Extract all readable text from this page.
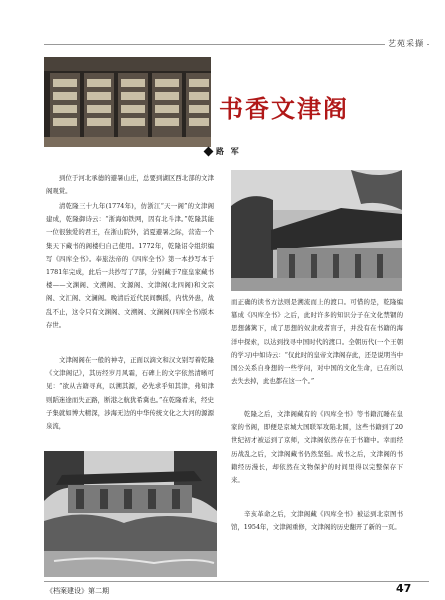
艺苑采撷
书香文津阁
路 军

到位于河北承德的避暑山庄，总要到湖区西北部的文津阁观赏。

清乾隆三十九年(1774年)，仿浙江“天一阁”的文津阁建成，乾隆御诗云：“浙海如铁网，因有北斗津。”乾隆其能一位很独爱的君王，在浙山院外，消夏避暑之际，营造一个集天下藏书的阁楼归自己使用。1772年，乾隆诏令组织编写《四库全书》。奉旅法帝的《四库全书》第一本抄写本于1781年完成，此后一共抄写了7部，分别藏于7座皇家藏书楼——文渊阁、文溯阁、文源阁、文津阁(北四阁)和文宗阁、文汇阁、文澜阁。晚清后近代民间飘摇，内忧外患，战乱不止，这令只有文渊阁、文溯阁、文澜阁(四库全书)版本存世。

文津阁阁在一般的神寺，正面以滴文和汉文别写着乾隆《文津阁记》，其历经岁月风霜，石碑上的文字依然清晰可见：“欲从古籍寻真，以溯其源，必先求乎知其津，弗知津则蹈迷途而失正路，断港之航犹希冀也。”在乾隆看来，经史子集就如博大精深，涉海无边的中华传统文化之大河的源源泉流，

而正确的读书方法则是溯流而上的渡口。可惜的是，乾隆编纂成《四库全书》之后，此时许多的知识分子在文化禁锢的思想藩篱下，成了思想的奴隶或者盲子，并没有在书籍的海洋中探索，以达到找寻中国时代的渡口。全朝历代(一个王朝的学习)中如诗云：“仅此时的皇帝文津阁存此，还是说明当中国公关系自身想的一些学问，对中国的文化生命，已在所以去失去掉，此也都在这一个。”

乾隆之后，文津阁藏有的《四库全书》等书籍沉睡在皇家的书阁，即便是京城大国联军攻陷北圆，这些书籍到了20世纪初才被运到了京师，文津阁依然存在于书籍中。幸而经历战乱之后，文津阁藏书仍然坚强。成书之后，文津阁的书籍经历漫长，却依然在文物保护的时间里得以完整保存下来。

辛亥革命之后，文津阁藏《四库全书》被运到北京图书馆，1954年，文津阁重修，文津阁的历史翻开了新的一页。

《档案建设》第二期	47
